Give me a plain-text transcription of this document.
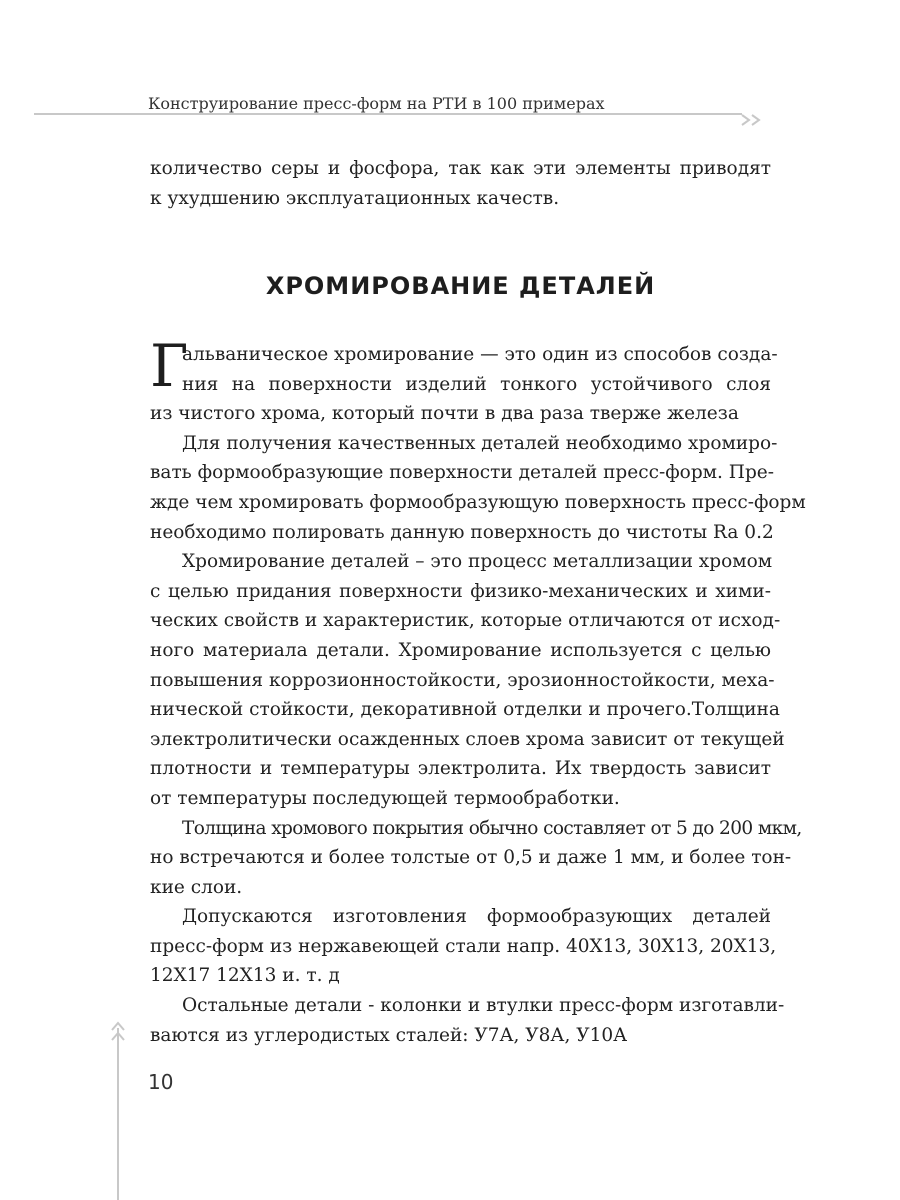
Конструирование пресс-форм на РТИ в 100 примерах
количество серы и фосфора, так как эти элементы приводят
к ухудшению эксплуатационных качеств.
ХРОМИРОВАНИЕ ДЕТАЛЕЙ
Г
альваническое хромирование — это один из способов созда-
ния на поверхности изделий тонкого устойчивого слоя
из чистого хрома, который почти в два раза тверже железа
Для получения качественных деталей необходимо хромиро-
вать формообразующие поверхности деталей пресс-форм. Пре-
жде чем хромировать формообразующую поверхность пресс-форм
необходимо полировать данную поверхность до чистоты Ra 0.2
Хромирование деталей – это процесс металлизации хромом
с целью придания поверхности физико-механических и хими-
ческих свойств и характеристик, которые отличаются от исход-
ного материала детали. Хромирование используется с целью
повышения коррозионностойкости, эрозионностойкости, меха-
нической стойкости, декоративной отделки и прочего.Толщина
электролитически осажденных слоев хрома зависит от текущей
плотности и температуры электролита. Их твердость зависит
от температуры последующей термообработки.
Толщина хромового покрытия обычно составляет от 5 до 200 мкм,
но встречаются и более толстые от 0,5 и даже 1 мм, и более тон-
кие слои.
Допускаются изготовления формообразующих деталей
пресс-форм из нержавеющей стали напр. 40Х13, 30Х13, 20Х13,
12Х17 12Х13 и. т. д
Остальные детали - колонки и втулки пресс-форм изготавли-
ваются из углеродистых сталей: У7А, У8А, У10А
10
